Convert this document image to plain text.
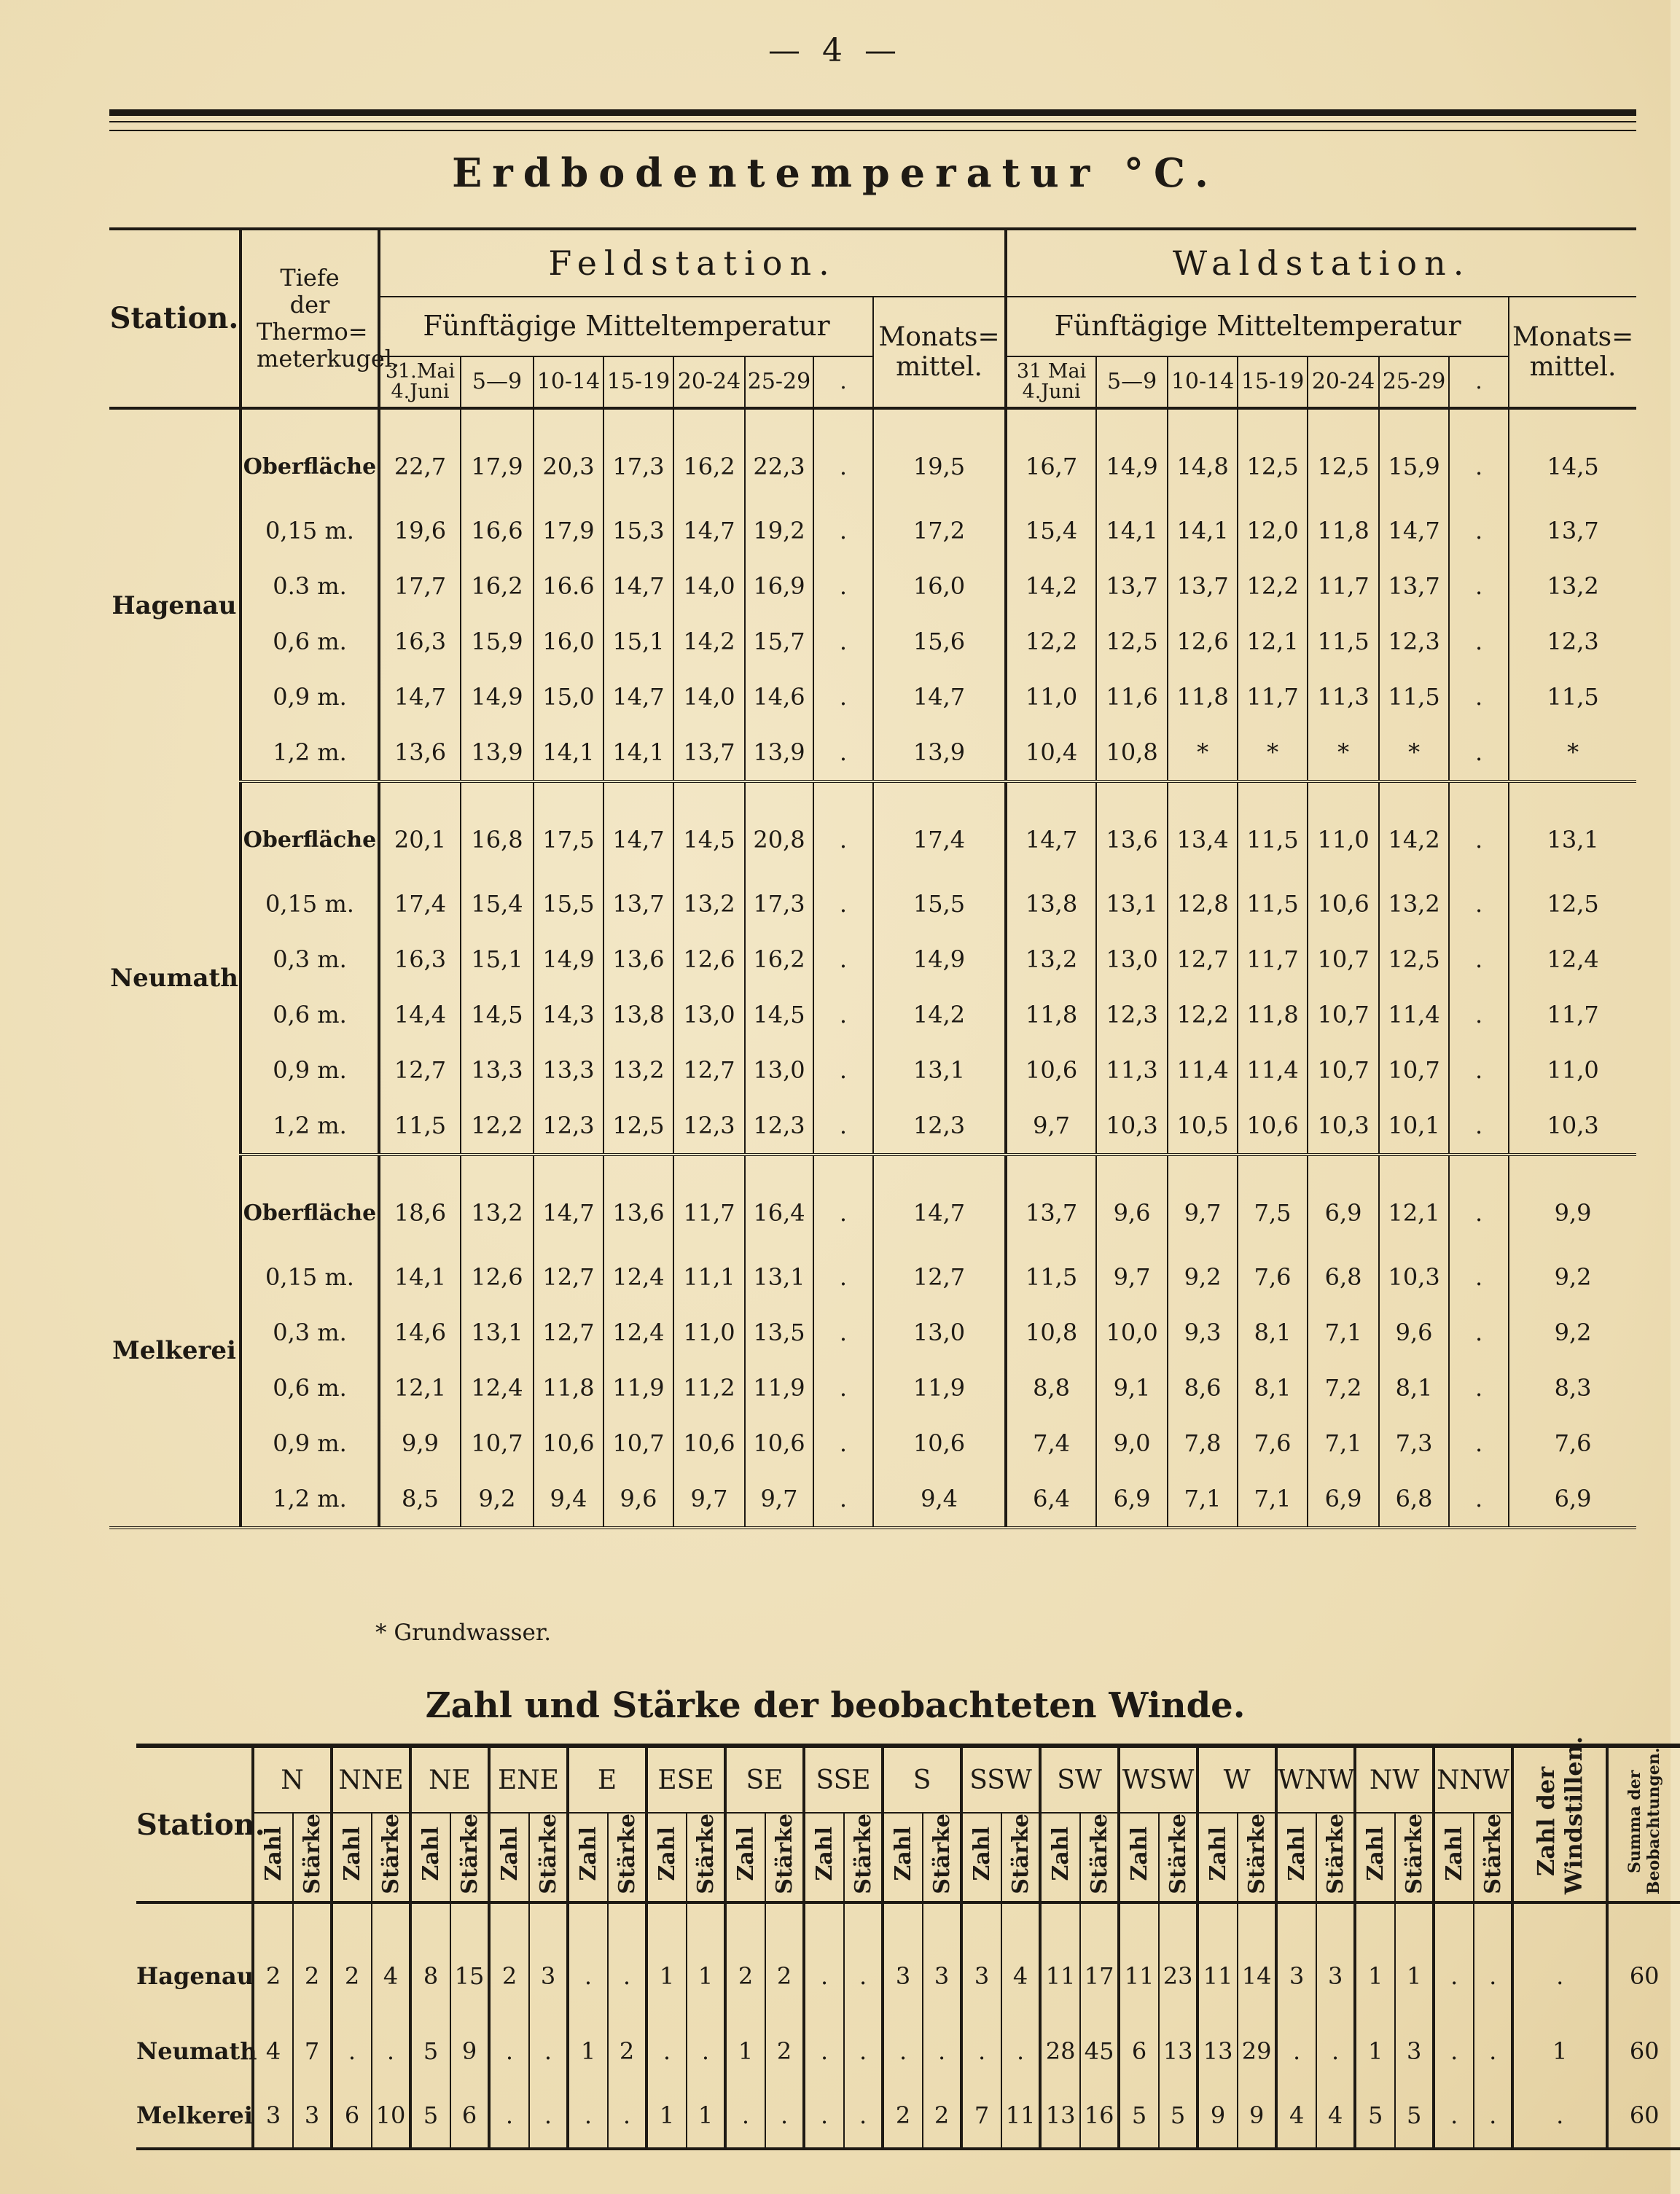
— 4 —
Erdbodentemperatur °C.
Station.	Tiefe der Thermo= meterkugel.	Feldstation.								Waldstation.							
		Fünftägige Mitteltemperatur							Monats= mittel.	Fünftägige Mitteltemperatur							Monats= mittel.
		31.Mai 4.Juni	5—9	10-14	15-19	20-24	25-29	.		31 Mai 4.Juni	5—9	10-14	15-19	20-24	25-29	.	
Hagenau	Oberfläche	22,7	17,9	20,3	17,3	16,2	22,3	.	19,5	16,7	14,9	14,8	12,5	12,5	15,9	.	14,5
	0,15 m.	19,6	16,6	17,9	15,3	14,7	19,2	.	17,2	15,4	14,1	14,1	12,0	11,8	14,7	.	13,7
	0.3 m.	17,7	16,2	16.6	14,7	14,0	16,9	.	16,0	14,2	13,7	13,7	12,2	11,7	13,7	.	13,2
	0,6 m.	16,3	15,9	16,0	15,1	14,2	15,7	.	15,6	12,2	12,5	12,6	12,1	11,5	12,3	.	12,3
	0,9 m.	14,7	14,9	15,0	14,7	14,0	14,6	.	14,7	11,0	11,6	11,8	11,7	11,3	11,5	.	11,5
	1,2 m.	13,6	13,9	14,1	14,1	13,7	13,9	.	13,9	10,4	10,8	*	*	*	*	.	*
Neumath	Oberfläche	20,1	16,8	17,5	14,7	14,5	20,8	.	17,4	14,7	13,6	13,4	11,5	11,0	14,2	.	13,1
	0,15 m.	17,4	15,4	15,5	13,7	13,2	17,3	.	15,5	13,8	13,1	12,8	11,5	10,6	13,2	.	12,5
	0,3 m.	16,3	15,1	14,9	13,6	12,6	16,2	.	14,9	13,2	13,0	12,7	11,7	10,7	12,5	.	12,4
	0,6 m.	14,4	14,5	14,3	13,8	13,0	14,5	.	14,2	11,8	12,3	12,2	11,8	10,7	11,4	.	11,7
	0,9 m.	12,7	13,3	13,3	13,2	12,7	13,0	.	13,1	10,6	11,3	11,4	11,4	10,7	10,7	.	11,0
	1,2 m.	11,5	12,2	12,3	12,5	12,3	12,3	.	12,3	9,7	10,3	10,5	10,6	10,3	10,1	.	10,3
Melkerei	Oberfläche	18,6	13,2	14,7	13,6	11,7	16,4	.	14,7	13,7	9,6	9,7	7,5	6,9	12,1	.	9,9
	0,15 m.	14,1	12,6	12,7	12,4	11,1	13,1	.	12,7	11,5	9,7	9,2	7,6	6,8	10,3	.	9,2
	0,3 m.	14,6	13,1	12,7	12,4	11,0	13,5	.	13,0	10,8	10,0	9,3	8,1	7,1	9,6	.	9,2
	0,6 m.	12,1	12,4	11,8	11,9	11,2	11,9	.	11,9	8,8	9,1	8,6	8,1	7,2	8,1	.	8,3
	0,9 m.	9,9	10,7	10,6	10,7	10,6	10,6	.	10,6	7,4	9,0	7,8	7,6	7,1	7,3	.	7,6
	1,2 m.	8,5	9,2	9,4	9,6	9,7	9,7	.	9,4	6,4	6,9	7,1	7,1	6,9	6,8	.	6,9
* Grundwasser.
Zahl und Stärke der beobachteten Winde.
Station.	N		NNE		NE		ENE		E		ESE		SE		SSE		S		SSW		SW		WSW		W		WNW		NW		NNW		Zahl der Windstillen.	Summa der Beobachtungen.
	Zahl	Stärke	Zahl	Stärke	Zahl	Stärke	Zahl	Stärke	Zahl	Stärke	Zahl	Stärke	Zahl	Stärke	Zahl	Stärke	Zahl	Stärke	Zahl	Stärke	Zahl	Stärke	Zahl	Stärke	Zahl	Stärke	Zahl	Stärke	Zahl	Stärke	Zahl	Stärke		
Hagenau	2	2	2	4	8	15	2	3	.	.	1	1	2	2	.	.	3	3	3	4	11	17	11	23	11	14	3	3	1	1	.	.	.	60
Neumath	4	7	.	.	5	9	.	.	1	2	.	.	1	2	.	.	.	.	.	.	28	45	6	13	13	29	.	.	1	3	.	.	1	60
Melkerei	3	3	6	10	5	6	.	.	.	.	1	1	.	.	.	.	2	2	7	11	13	16	5	5	9	9	4	4	5	5	.	.	.	60
